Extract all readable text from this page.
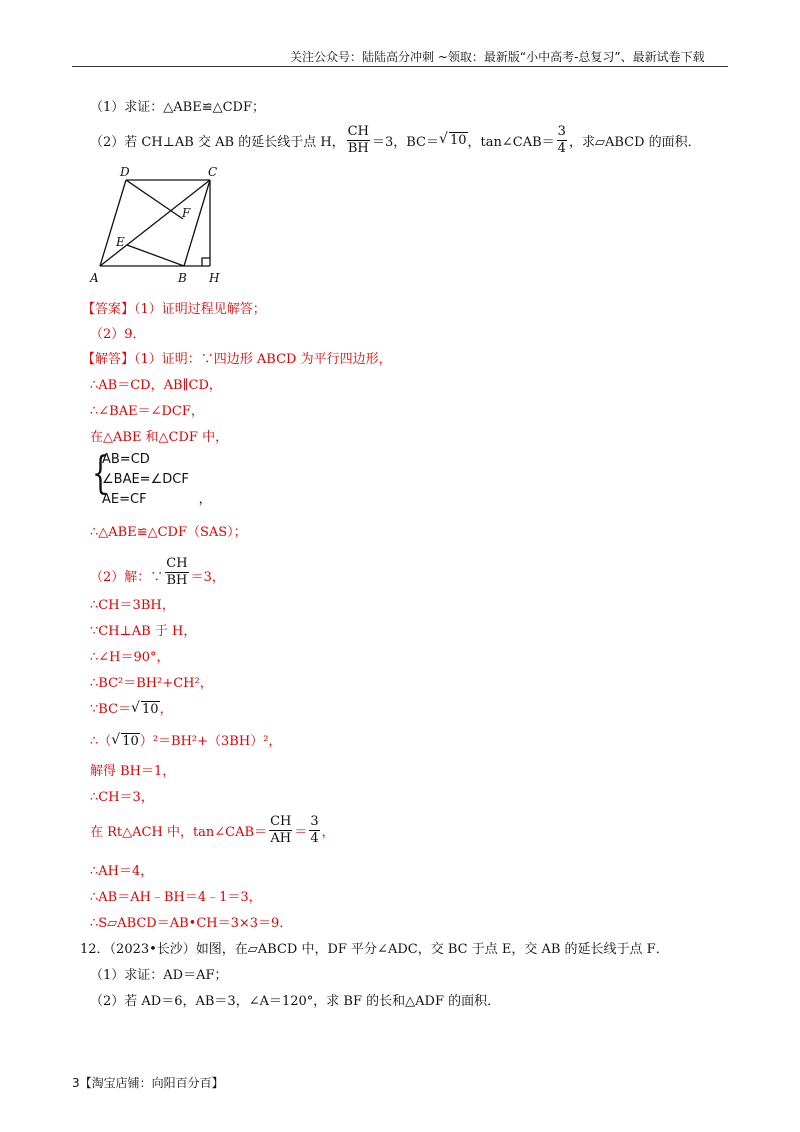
关注公众号：陆陆高分冲刺 ~领取：最新版“小中高考-总复习”、最新试卷下载
（1）求证：△ABE≌△CDF；
（2）若 CH⊥AB 交 AB 的延长线于点 H， $\frac{CH}{BH} =3$，BC＝ √ 10 ，tan∠CAB＝ $\frac{3}{4}$ ，求▱ABCD 的面积．
D	C
F
E
A	B H
【答案】（1）证明过程见解答；
（2）9．
【解答】（1）证明：∵四边形 ABCD 为平行四边形，
∴AB＝CD，AB∥CD，
∴∠BAE＝∠DCF，
在△ABE 和△CDF 中，
{
AB=CD
∠BAE=∠DCF
AE=CF	，
∴△ABE≌△CDF（SAS）；
（2）解：∵ $\frac{CH}{BH} =3$，
∴CH＝3BH，
∵CH⊥AB 于 H，
∴∠H＝90°，
∴BC²＝BH²+CH²，
∵BC＝ √ 10，
∴（ √ 10）²＝BH²+（3BH）²，
解得 BH＝1，
∴CH＝3，
在 Rt△ACH 中，tan∠CAB＝ $\frac{CH}{AH} = \frac{3}{4}$ ，
∴AH＝4，
∴AB＝AH﹣BH＝4﹣1＝3，
∴S▱ABCD＝AB•CH＝3×3＝9．
12．（2023•长沙）如图，在▱ABCD 中，DF 平分∠ADC，交 BC 于点 E，交 AB 的延长线于点 F．
（1）求证：AD＝AF；
（2）若 AD＝6，AB＝3，∠A＝120°，求 BF 的长和△ADF 的面积．
3【淘宝店铺：向阳百分百】
